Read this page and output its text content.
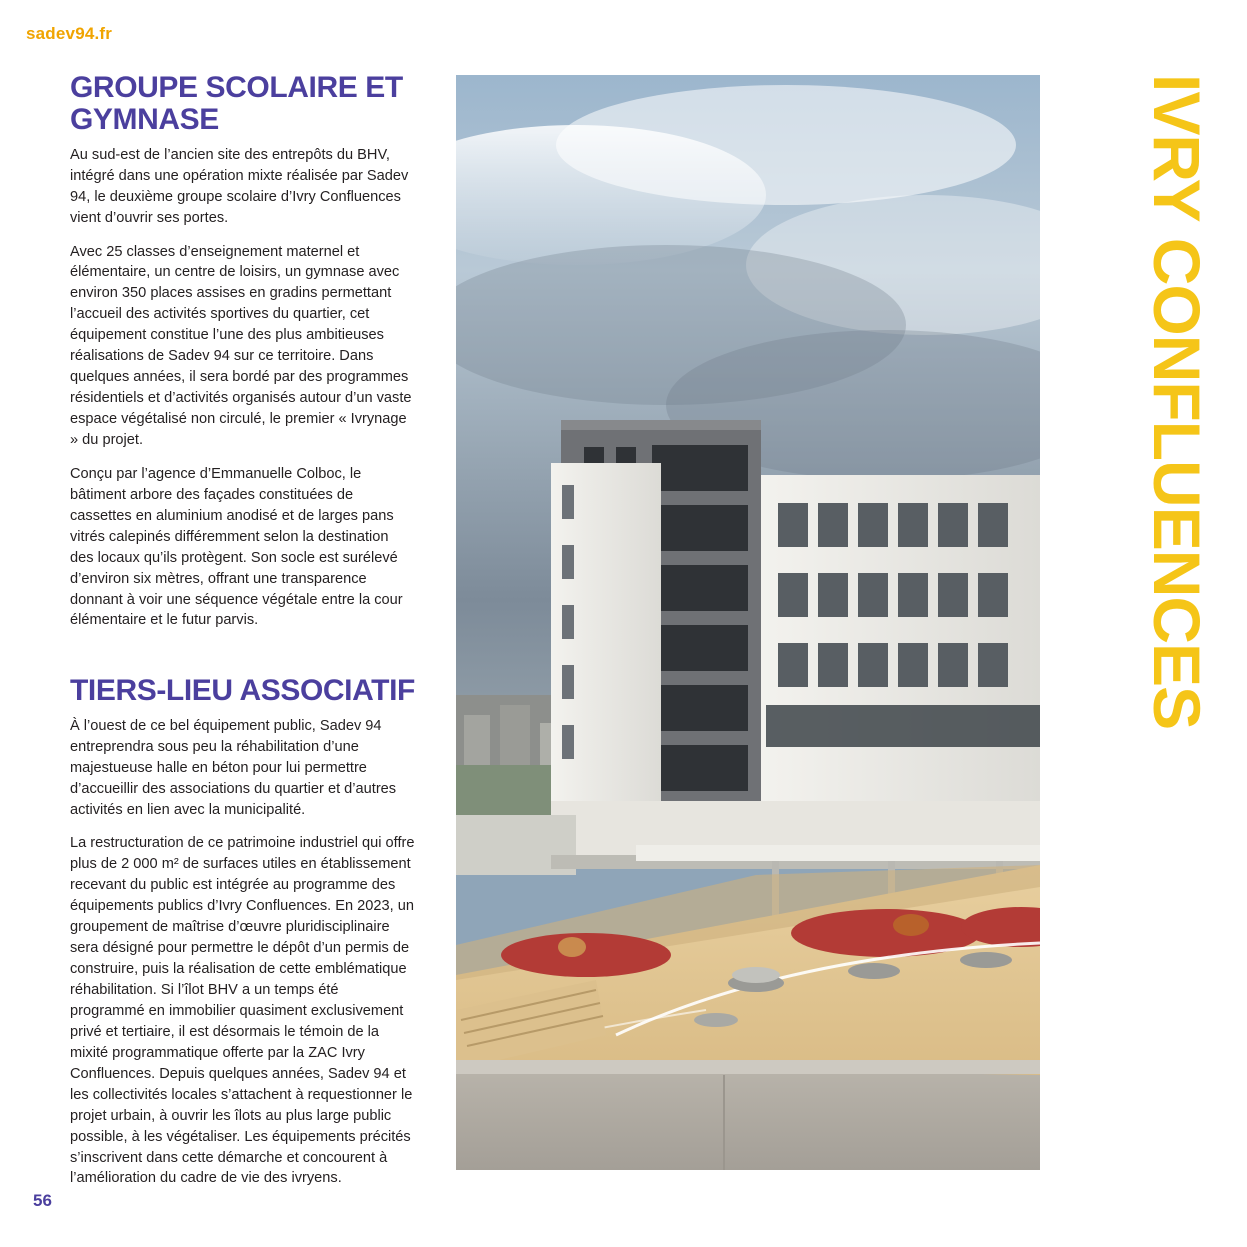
sadev94.fr
GROUPE SCOLAIRE ET GYMNASE

Au sud-est de l’ancien site des entrepôts du BHV, intégré dans une opération mixte réalisée par Sadev 94, le deuxième groupe scolaire d’Ivry Confluences vient d’ouvrir ses portes.

Avec 25 classes d’enseignement maternel et élémentaire, un centre de loisirs, un gymnase avec environ 350 places assises en gradins permettant l’accueil des activités sportives du quartier, cet équipement constitue l’une des plus ambitieuses réalisations de Sadev 94 sur ce territoire. Dans quelques années, il sera bordé par des programmes résidentiels et d’activités organisés autour d’un vaste espace végétalisé non circulé, le premier « Ivrynage » du projet.

Conçu par l’agence d’Emmanuelle Colboc, le bâtiment arbore des façades constituées de cassettes en aluminium anodisé et de larges pans vitrés calepinés différemment selon la destination des locaux qu’ils protègent. Son socle est surélevé d’environ six mètres, offrant une transparence donnant à voir une séquence végétale entre la cour élémentaire et le futur parvis.

TIERS-LIEU ASSOCIATIF

À l’ouest de ce bel équipement public, Sadev 94 entreprendra sous peu la réhabilitation d’une majestueuse halle en béton pour lui permettre d’accueillir des associations du quartier et d’autres activités en lien avec la municipalité.

La restructuration de ce patrimoine industriel qui offre plus de 2 000 m² de surfaces utiles en établissement recevant du public est intégrée au programme des équipements publics d’Ivry Confluences. En 2023, un groupement de maîtrise d’œuvre pluridisciplinaire sera désigné pour permettre le dépôt d’un permis de construire, puis la réalisation de cette emblématique réhabilitation. Si l’îlot BHV a un temps été programmé en immobilier quasiment exclusivement privé et tertiaire, il est désormais le témoin de la mixité programmatique offerte par la ZAC Ivry Confluences. Depuis quelques années, Sadev 94 et les collectivités locales s’attachent à requestionner le projet urbain, à ouvrir les îlots au plus large public possible, à les végétaliser. Les équipements précités s’inscrivent dans cette démarche et concourent à l’amélioration du cadre de vie des ivryens.

IVRY CONFLUENCES
56
